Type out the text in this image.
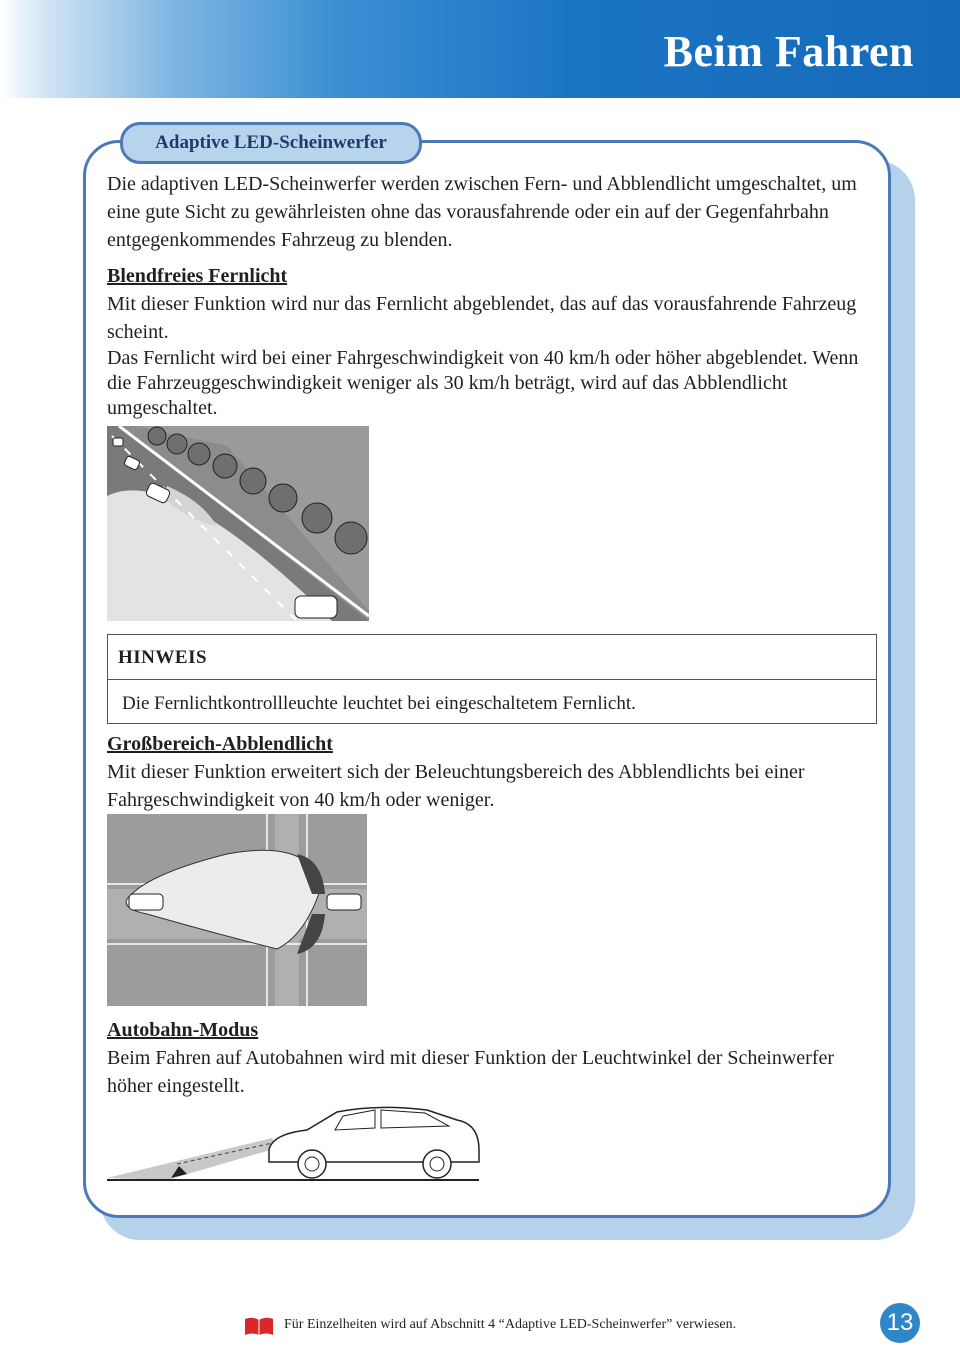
Beim Fahren
Adaptive LED-Scheinwerfer

Die adaptiven LED-Scheinwerfer werden zwischen Fern- und Abblendlicht umgeschaltet, um eine gute Sicht zu gewährleisten ohne das vorausfahrende oder ein auf der Gegenfahrbahn entgegenkommendes Fahrzeug zu blenden.

Blendfreies Fernlicht
Mit dieser Funktion wird nur das Fernlicht abgeblendet, das auf das vorausfahrende Fahrzeug scheint.
Das Fernlicht wird bei einer Fahrgeschwindigkeit von 40 km/h oder höher abgeblendet. Wenn die Fahrzeuggeschwindigkeit weniger als 30 km/h beträgt, wird auf das Abblendlicht umgeschaltet.
HINWEIS
Die Fernlichtkontrollleuchte leuchtet bei eingeschaltetem Fernlicht.
Großbereich-Abblendlicht
Mit dieser Funktion erweitert sich der Beleuchtungsbereich des Abblendlichts bei einer Fahrgeschwindigkeit von 40 km/h oder weniger.
Autobahn-Modus
Beim Fahren auf Autobahnen wird mit dieser Funktion der Leuchtwinkel der Scheinwerfer höher eingestellt.
Für Einzelheiten wird auf Abschnitt 4 “Adaptive LED-Scheinwerfer” verwiesen.	13
